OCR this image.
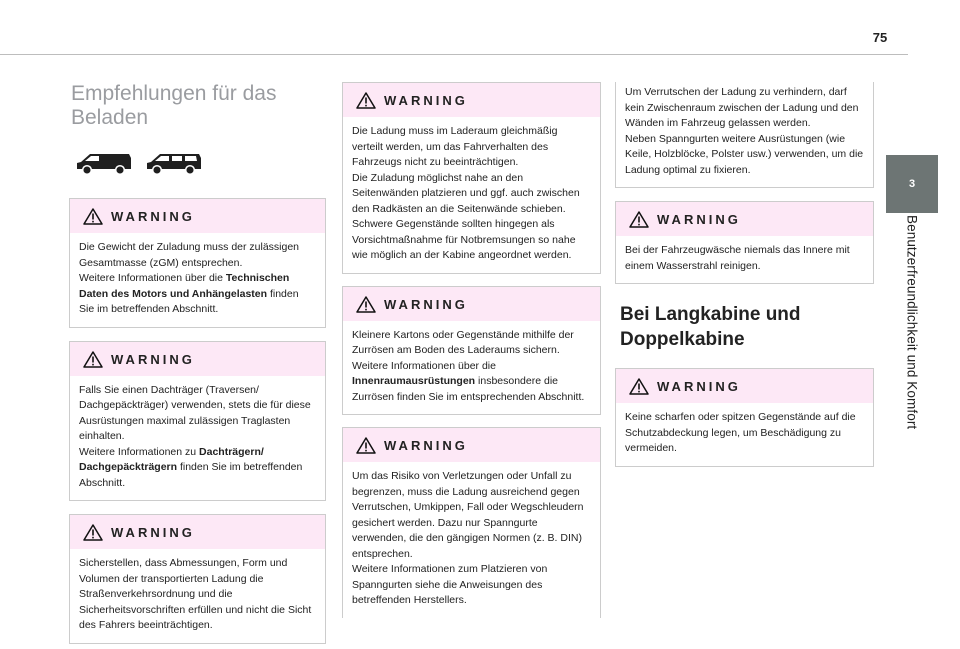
75
3
Benutzerfreundlichkeit und Komfort
Empfehlungen für das
Beladen
WARNING

Die Gewicht der Zuladung muss der zulässigen Gesamtmasse (zGM) entsprechen.

Weitere Informationen über die Technischen Daten des Motors und Anhängelasten finden Sie im betreffenden Abschnitt.

WARNING

Falls Sie einen Dachträger (Traversen/ Dachgepäckträger) verwenden, stets die für diese Ausrüstungen maximal zulässigen Traglasten einhalten.

Weitere Informationen zu Dachträgern/ Dachgepäckträgern finden Sie im betreffenden Abschnitt.

WARNING

Sicherstellen, dass Abmessungen, Form und Volumen der transportierten Ladung die Straßenverkehrsordnung und die Sicherheitsvorschriften erfüllen und nicht die Sicht des Fahrers beeinträchtigen.

WARNING

Die Ladung muss im Laderaum gleichmäßig verteilt werden, um das Fahrverhalten des Fahrzeugs nicht zu beeinträchtigen.

Die Zuladung möglichst nahe an den Seitenwänden platzieren und ggf. auch zwischen den Radkästen an die Seitenwände schieben.

Schwere Gegenstände sollten hingegen als Vorsichtmaßnahme für Notbremsungen so nahe wie möglich an der Kabine angeordnet werden.

WARNING

Kleinere Kartons oder Gegenstände mithilfe der Zurrösen am Boden des Laderaums sichern.

Weitere Informationen über die Innenraumausrüstungen insbesondere die Zurrösen finden Sie im entsprechenden Abschnitt.

WARNING

Um das Risiko von Verletzungen oder Unfall zu begrenzen, muss die Ladung ausreichend gegen Verrutschen, Umkippen, Fall oder Wegschleudern gesichert werden. Dazu nur Spanngurte verwenden, die den gängigen Normen (z. B. DIN) entsprechen.

Weitere Informationen zum Platzieren von Spanngurten siehe die Anweisungen des betreffenden Herstellers.

Um Verrutschen der Ladung zu verhindern, darf kein Zwischenraum zwischen der Ladung und den Wänden im Fahrzeug gelassen werden.

Neben Spanngurten weitere Ausrüstungen (wie Keile, Holzblöcke, Polster usw.) verwenden, um die Ladung optimal zu fixieren.

WARNING

Bei der Fahrzeugwäsche niemals das Innere mit einem Wasserstrahl reinigen.

Bei Langkabine und
Doppelkabine
WARNING

Keine scharfen oder spitzen Gegenstände auf die Schutzabdeckung legen, um Beschädigung zu vermeiden.
